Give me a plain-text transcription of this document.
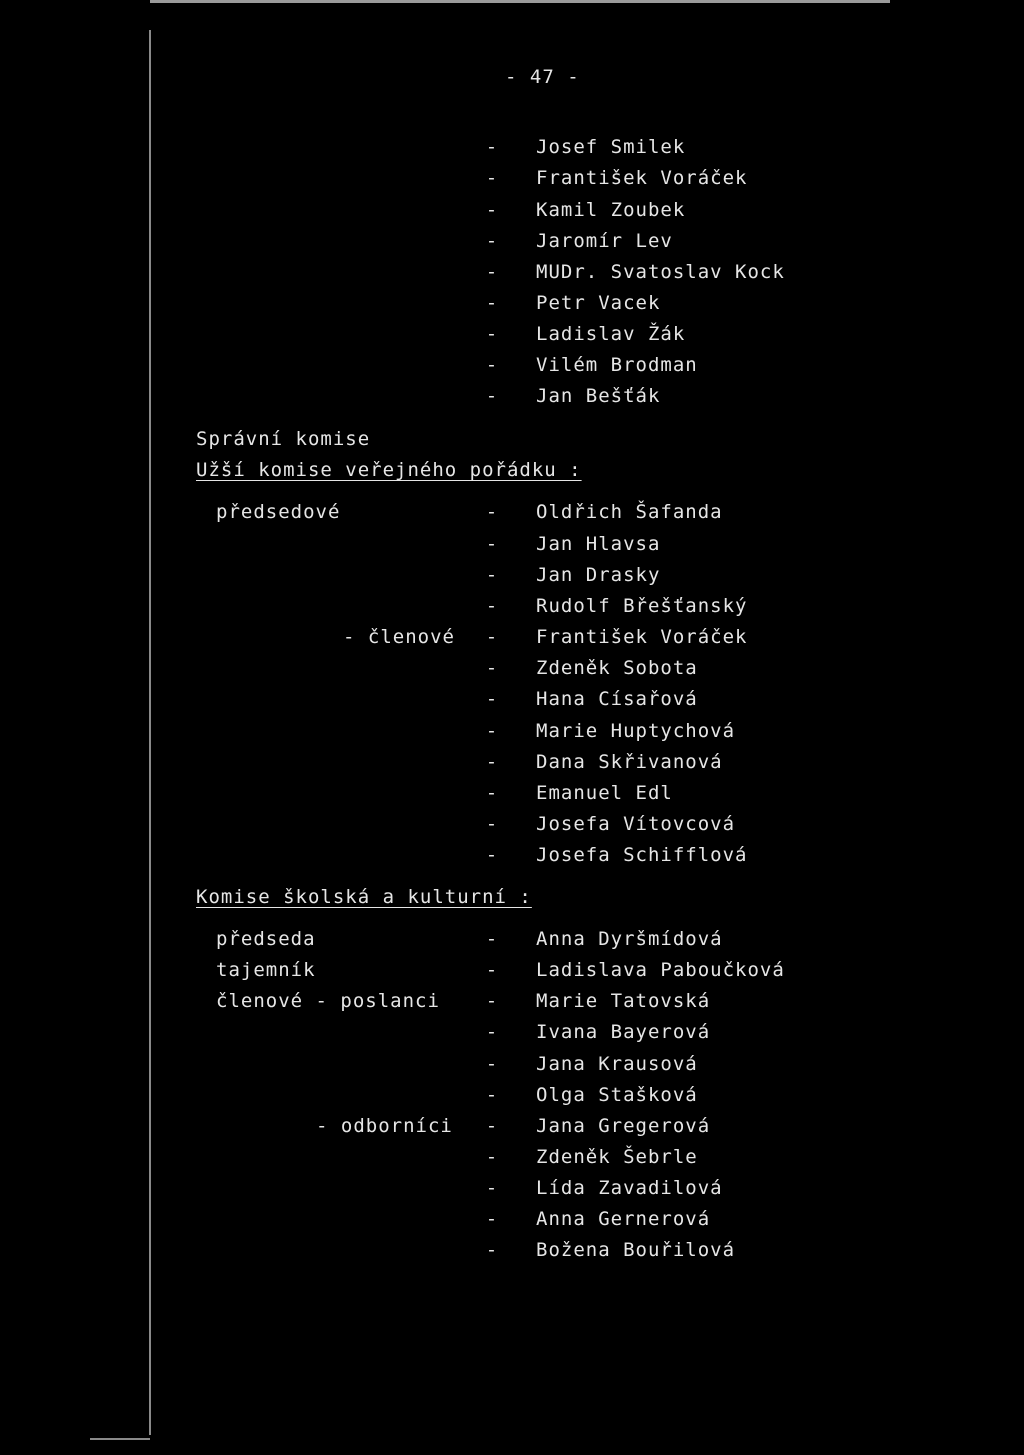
- 47 -
- Josef Smilek
- František Voráček
- Kamil Zoubek
- Jaromír Lev
- MUDr. Svatoslav Kock
- Petr Vacek
- Ladislav Žák
- Vilém Brodman
- Jan Bešťák
Správní komise
Užší komise veřejného pořádku :
předsedové	- Oldřich Šafanda
- Jan Hlavsa
- Jan Drasky
- Rudolf Břešťanský
- členové - František Voráček
- Zdeněk Sobota
- Hana Císařová
- Marie Huptychová
- Dana Skřivanová
- Emanuel Edl
- Josefa Vítovcová
- Josefa Schifflová
Komise školská a kulturní :
předseda	- Anna Dyršmídová
tajemník	- Ladislava Paboučková
členové - poslanci - Marie Tatovská
- Ivana Bayerová
- Jana Krausová
- Olga Stašková
- odborníci - Jana Gregerová
- Zdeněk Šebrle
- Lída Zavadilová
- Anna Gernerová
- Božena Bouřilová
